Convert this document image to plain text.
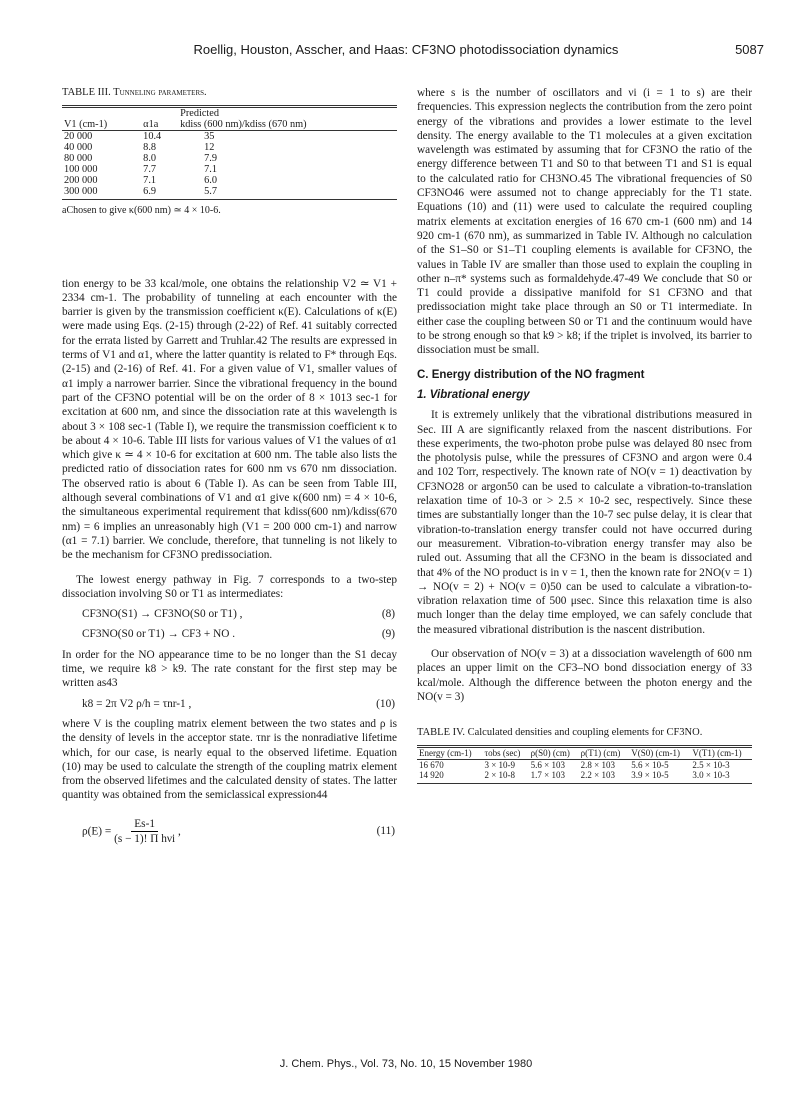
Roellig, Houston, Asscher, and Haas: CF3NO photodissociation dynamics	5087
TABLE III. Tunneling parameters.
		Predicted
V1 (cm-1)	α1a	kdiss (600 nm)/kdiss (670 nm)
20 000	10.4	35
40 000	8.8	12
80 000	8.0	7.9
100 000	7.7	7.1
200 000	7.1	6.0
300 000	6.9	5.7
aChosen to give κ(600 nm) ≃ 4 × 10-6.

tion energy to be 33 kcal/mole, one obtains the relationship V2 ≃ V1 + 2334 cm-1. The probability of tunneling at each encounter with the barrier is given by the transmission coefficient κ(E). Calculations of κ(E) were made using Eqs. (2-15) through (2-22) of Ref. 41 suitably corrected for the errata listed by Garrett and Truhlar.42 The results are expressed in terms of V1 and α1, where the latter quantity is related to F* through Eqs. (2-15) and (2-16) of Ref. 41. For a given value of V1, smaller values of α1 imply a narrower barrier. Since the vibrational frequency in the bound part of the CF3NO potential will be on the order of 8 × 1013 sec-1 for excitation at 600 nm, and since the dissociation rate at this wavelength is about 3 × 108 sec-1 (Table I), we require the transmission coefficient κ to be about 4 × 10-6. Table III lists for various values of V1 the values of α1 which give κ ≃ 4 × 10-6 for excitation at 600 nm. The table also lists the predicted ratio of dissociation rates for 600 nm vs 670 nm dissociation. The observed ratio is about 6 (Table I). As can be seen from Table III, although several combinations of V1 and α1 give κ(600 nm) = 4 × 10-6, the simultaneous experimental requirement that kdiss(600 nm)/kdiss(670 nm) = 6 implies an unreasonably high (V1 = 200 000 cm-1) and narrow (α1 = 7.1) barrier. We conclude, therefore, that tunneling is not likely to be the mechanism for CF3NO predissociation.

The lowest energy pathway in Fig. 7 corresponds to a two-step dissociation involving S0 or T1 as intermediates:

CF3NO(S1) → CF3NO(S0 or T1) ,	(8)
CF3NO(S0 or T1) → CF3 + NO .	(9)

In order for the NO appearance time to be no longer than the S1 decay time, we require k8 > k9. The rate constant for the first step may be written as43

k8 = 2π V2 ρ/h = τnr-1 ,	(10)

where V is the coupling matrix element between the two states and ρ is the density of levels in the acceptor state. τnr is the nonradiative lifetime which, for our case, is nearly equal to the observed lifetime. Equation (10) may be used to calculate the strength of the coupling matrix element from the observed lifetimes and the calculated density of states. The latter quantity was obtained from the semiclassical expression44

$\rho(E) = \frac{Es-1}{\text{(s − 1)! Π hνi}}$ ,	(11)

where s is the number of oscillators and νi (i = 1 to s) are their frequencies. This expression neglects the contribution from the zero point energy of the vibrations and provides a lower estimate to the level density. The energy available to the T1 molecules at a given excitation wavelength was estimated by assuming that for CF3NO the ratio of the energy difference between T1 and S0 to that between T1 and S1 is equal to the calculated ratio for CH3NO.45 The vibrational frequencies of S0 CF3NO46 were assumed not to change appreciably for the T1 state. Equations (10) and (11) were used to calculate the required coupling matrix elements at excitation energies of 16 670 cm-1 (600 nm) and 14 920 cm-1 (670 nm), as summarized in Table IV. Although no calculation of the S1–S0 or S1–T1 coupling elements is available for CF3NO, the values in Table IV are smaller than those used to explain the coupling in other n–π* systems such as formaldehyde.47-49 We conclude that S0 or T1 could provide a dissipative manifold for S1 CF3NO and that predissociation might take place through an S0 or T1 intermediate. In either case the coupling between S0 or T1 and the continuum would have to be strong enough so that k9 > k8; if the triplet is involved, its barrier to dissociation must be small.

C. Energy distribution of the NO fragment
1. Vibrational energy

It is extremely unlikely that the vibrational distributions measured in Sec. III A are significantly relaxed from the nascent distributions. For these experiments, the two-photon probe pulse was delayed 80 nsec from the photolysis pulse, while the pressures of CF3NO and argon were 0.4 and 102 Torr, respectively. The known rate of NO(v = 1) deactivation by CF3NO28 or argon50 can be used to calculate a vibration-to-translation relaxation time of 10-3 or > 2.5 × 10-2 sec, respectively. Since these times are substantially longer than the 10-7 sec pulse delay, it is clear that vibration-to-translation energy transfer could not have occurred during our measurement. Vibration-to-vibration energy transfer may also be ruled out. Assuming that all the CF3NO in the beam is dissociated and that 4% of the NO product is in v = 1, then the known rate for 2NO(v = 1) → NO(v = 2) + NO(v = 0)50 can be used to calculate a vibration-to-vibration relaxation time of 500 μsec. Since this relaxation time is also much longer than the delay time employed, we can safely conclude that the measured vibrational distribution is the nascent distribution.

Our observation of NO(v = 3) at a dissociation wavelength of 600 nm places an upper limit on the CF3–NO bond dissociation energy of 33 kcal/mole. Although the difference between the photon energy and the NO(v = 3)

TABLE IV. Calculated densities and coupling elements for CF3NO.
Energy (cm-1)	τobs (sec)	ρ(S0) (cm)	ρ(T1) (cm)	V(S0) (cm-1)	V(T1) (cm-1)
16 670	3 × 10-9	5.6 × 103	2.8 × 103	5.6 × 10-5	2.5 × 10-3
14 920	2 × 10-8	1.7 × 103	2.2 × 103	3.9 × 10-5	3.0 × 10-3
J. Chem. Phys., Vol. 73, No. 10, 15 November 1980
